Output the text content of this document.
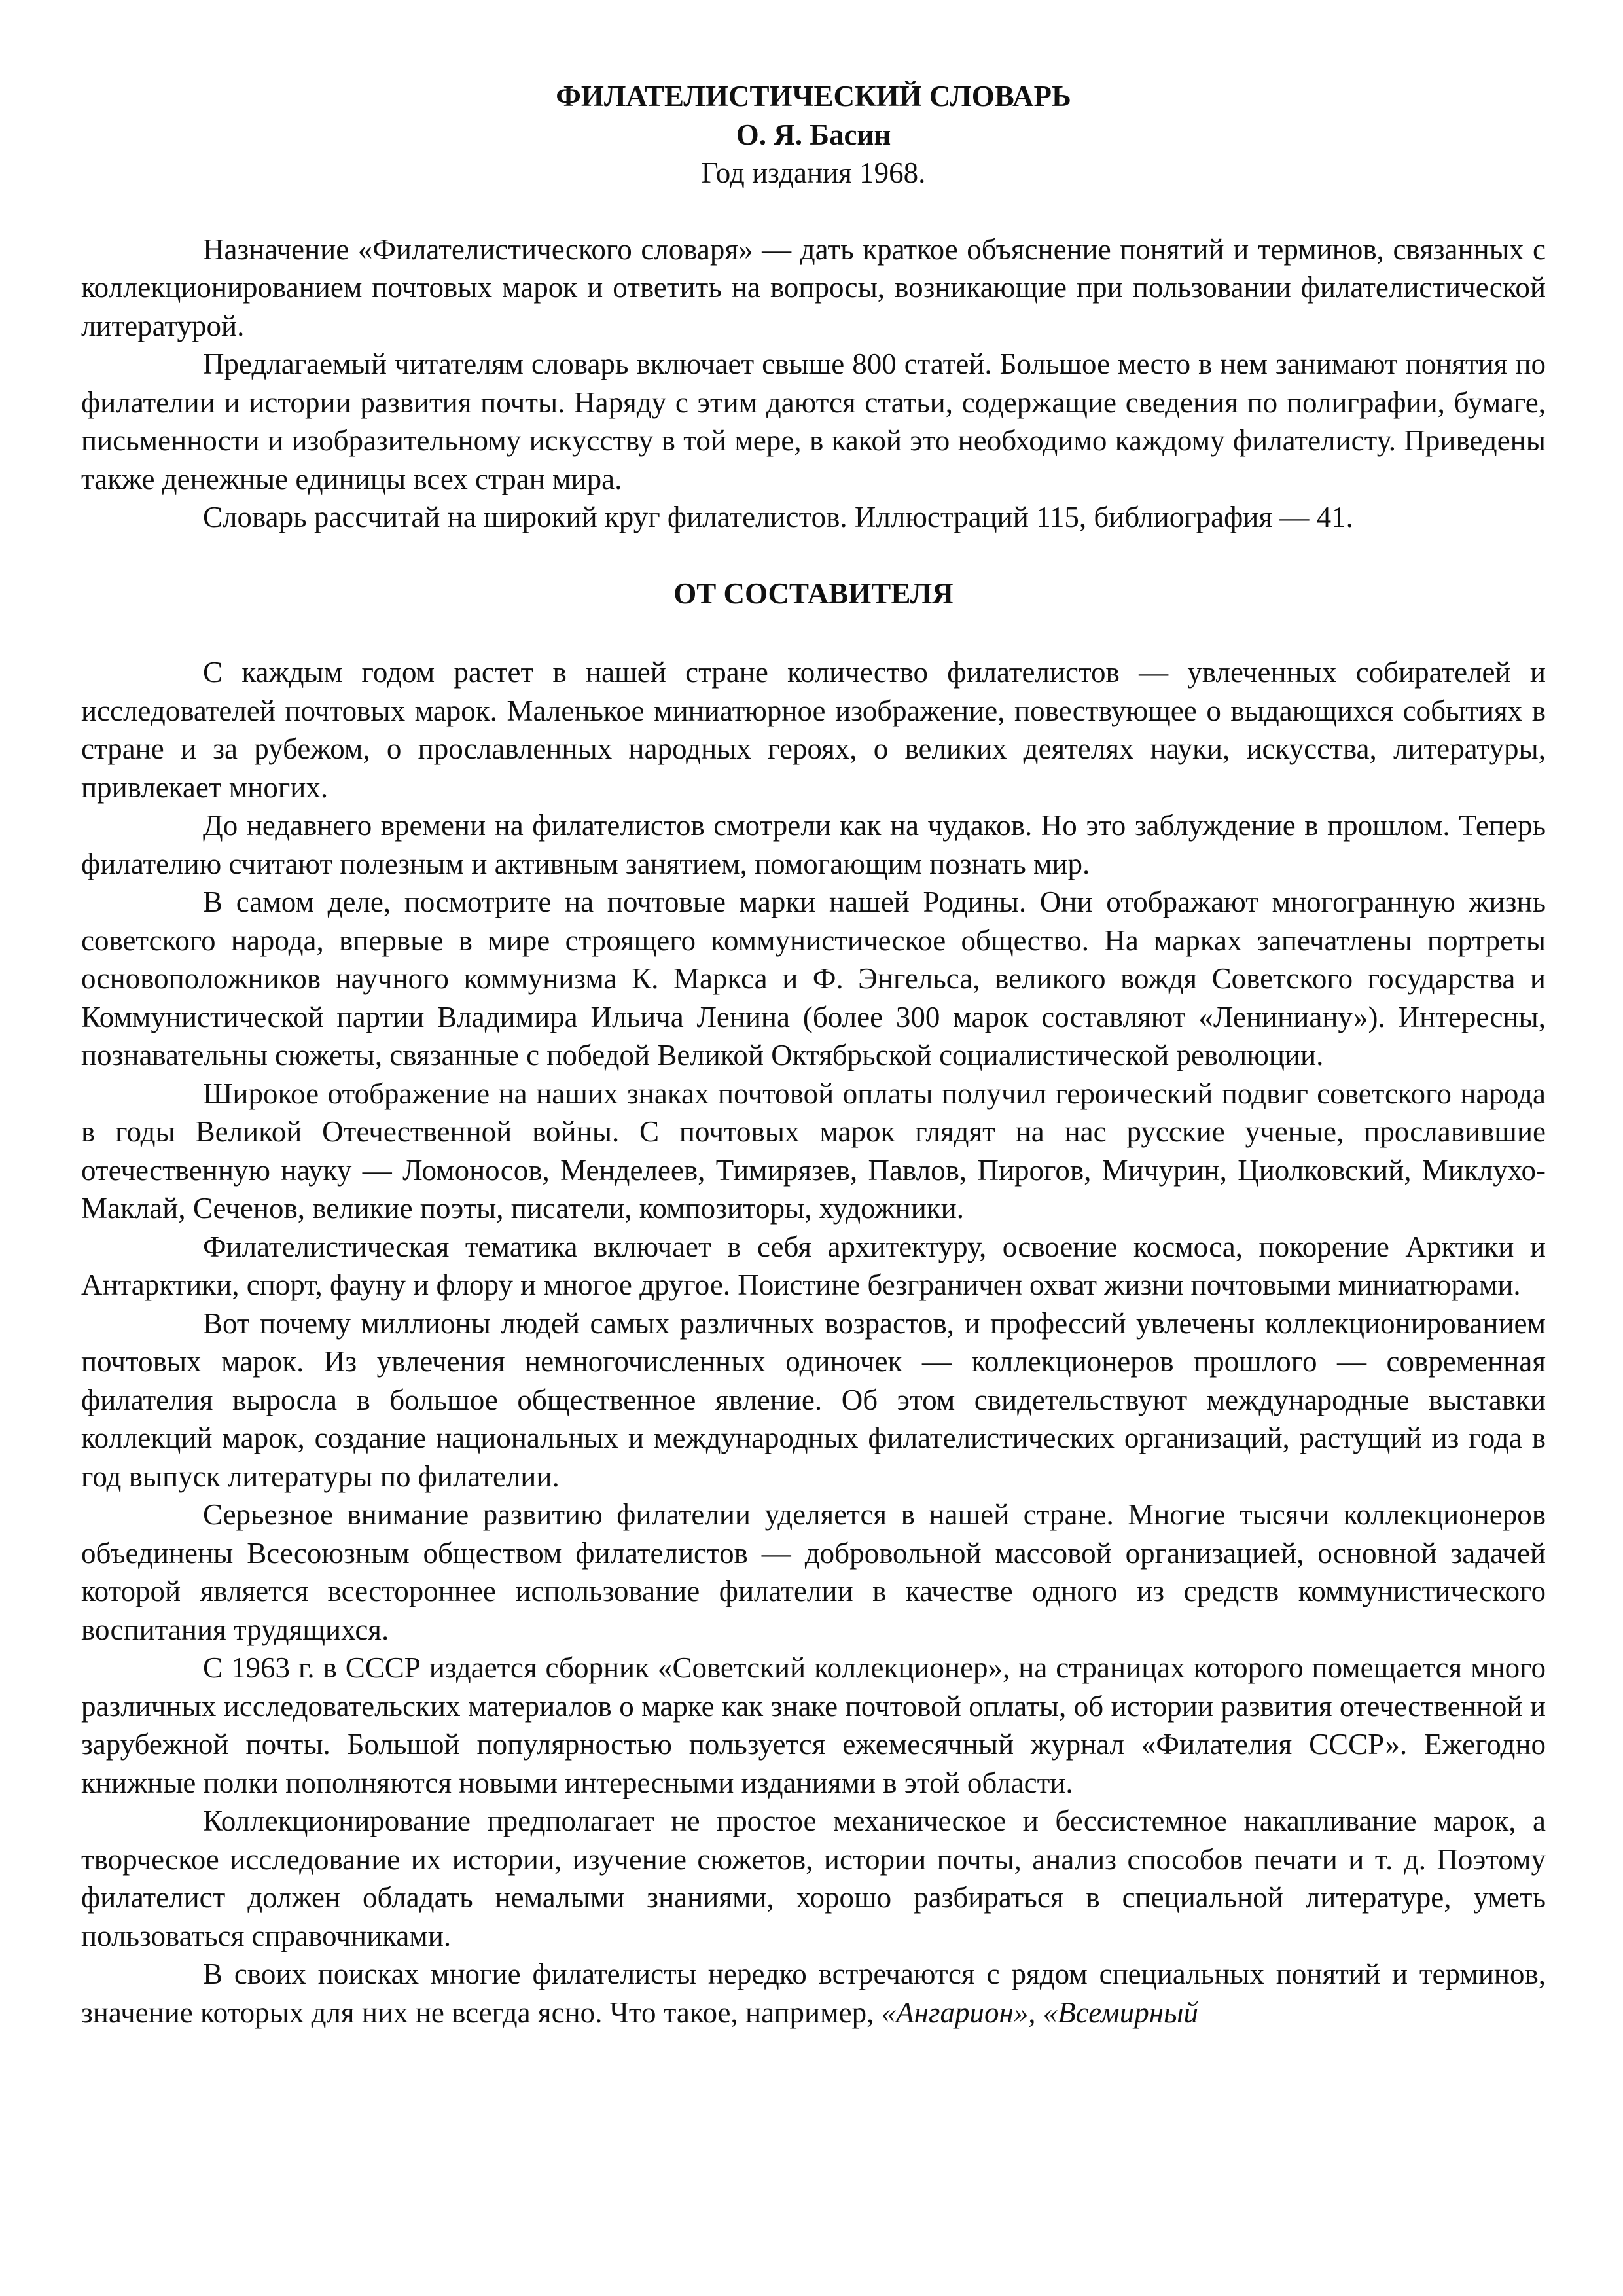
ФИЛАТЕЛИСТИЧЕСКИЙ СЛОВАРЬ
О. Я. Басин
Год издания 1968.

Назначение «Филателистического словаря» — дать краткое объяснение понятий и терминов, связанных с коллекционированием почтовых марок и ответить на вопросы, возникающие при пользовании филателистической литературой.

Предлагаемый читателям словарь включает свыше 800 статей. Большое место в нем занимают понятия по филателии и истории развития почты. Наряду с этим даются статьи, содержащие сведения по полиграфии, бумаге, письменности и изобразительному искусству в той мере, в какой это необходимо каждому филателисту. Приведены также денежные единицы всех стран мира.

Словарь рассчитай на широкий круг филателистов. Иллюстраций 115, библиография — 41.

ОТ СОСТАВИТЕЛЯ

С каждым годом растет в нашей стране количество филателистов — увлеченных собирателей и исследователей почтовых марок. Маленькое миниатюрное изображение, повествующее о выдающихся событиях в стране и за рубежом, о прославленных народных героях, о великих деятелях науки, искусства, литературы, привлекает многих.

До недавнего времени на филателистов смотрели как на чудаков. Но это заблуждение в прошлом. Теперь филателию считают полезным и активным занятием, помогающим познать мир.

В самом деле, посмотрите на почтовые марки нашей Родины. Они отображают многогранную жизнь советского народа, впервые в мире строящего коммунистическое общество. На марках запечатлены портреты основоположников научного коммунизма К. Маркса и Ф. Энгельса, великого вождя Советского государства и Коммунистической партии Владимира Ильича Ленина (более 300 марок составляют «Лениниану»). Интересны, познавательны сюжеты, связанные с победой Великой Октябрьской социалистической революции.

Широкое отображение на наших знаках почтовой оплаты получил героический подвиг советского народа в годы Великой Отечественной войны. С почтовых марок глядят на нас русские ученые, прославившие отечественную науку — Ломоносов, Менделеев, Тимирязев, Павлов, Пирогов, Мичурин, Циолковский, Миклухо-Маклай, Сеченов, великие поэты, писатели, композиторы, художники.

Филателистическая тематика включает в себя архитектуру, освоение космоса, покорение Арктики и Антарктики, спорт, фауну и флору и многое другое. Поистине безграничен охват жизни почтовыми миниатюрами.

Вот почему миллионы людей самых различных возрастов, и профессий увлечены коллекционированием почтовых марок. Из увлечения немногочисленных одиночек — коллекционеров прошлого — современная филателия выросла в большое общественное явление. Об этом свидетельствуют международные выставки коллекций марок, создание национальных и международных филателистических организаций, растущий из года в год выпуск литературы по филателии.

Серьезное внимание развитию филателии уделяется в нашей стране. Многие тысячи коллекционеров объединены Всесоюзным обществом филателистов — добровольной массовой организацией, основной задачей которой является всестороннее использование филателии в качестве одного из средств коммунистического воспитания трудящихся.

С 1963 г. в СССР издается сборник «Советский коллекционер», на страницах которого помещается много различных исследовательских материалов о марке как знаке почтовой оплаты, об истории развития отечественной и зарубежной почты. Большой популярностью пользуется ежемесячный журнал «Филателия СССР». Ежегодно книжные полки пополняются новыми интересными изданиями в этой области.

Коллекционирование предполагает не простое механическое и бессистемное накапливание марок, а творческое исследование их истории, изучение сюжетов, истории почты, анализ способов печати и т. д. Поэтому филателист должен обладать немалыми знаниями, хорошо разбираться в специальной литературе, уметь пользоваться справочниками.

В своих поисках многие филателисты нередко встречаются с рядом специальных понятий и терминов, значение которых для них не всегда ясно. Что такое, например, «Ангарион», «Всемирный
